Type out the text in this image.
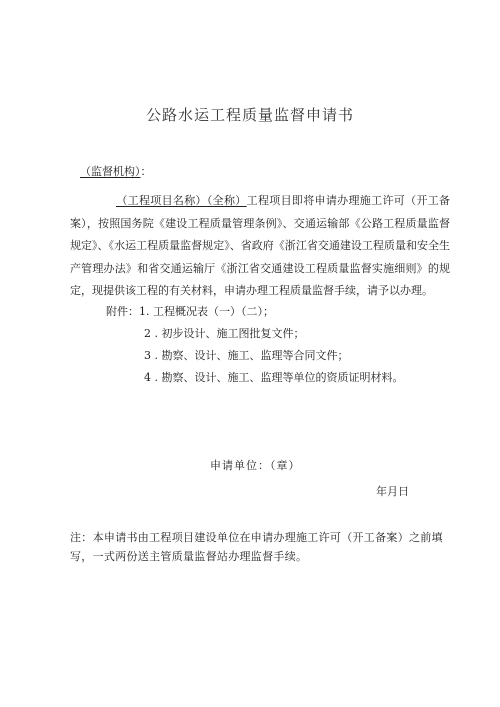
公路水运工程质量监督申请书
（监督机构）：
（工程项目名称）（全称）工程项目即将申请办理施工许可（开工备案），按照国务院《建设工程质量管理条例》、交通运输部《公路工程质量监督规定》、《水运工程质量监督规定》、省政府《浙江省交通建设工程质量和安全生产管理办法》和省交通运输厅《浙江省交通建设工程质量监督实施细则》的规定，现提供该工程的有关材料，申请办理工程质量监督手续，请予以办理。
附件：1. 工程概况表（一）（二）；
2 . 初步设计、施工图批复文件；
3 . 勘察、设计、施工、监理等合同文件；
4 . 勘察、设计、施工、监理等单位的资质证明材料。
申请单位：（章）
年月日
注：本申请书由工程项目建设单位在申请办理施工许可（开工备案）之前填写，一式两份送主管质量监督站办理监督手续。
